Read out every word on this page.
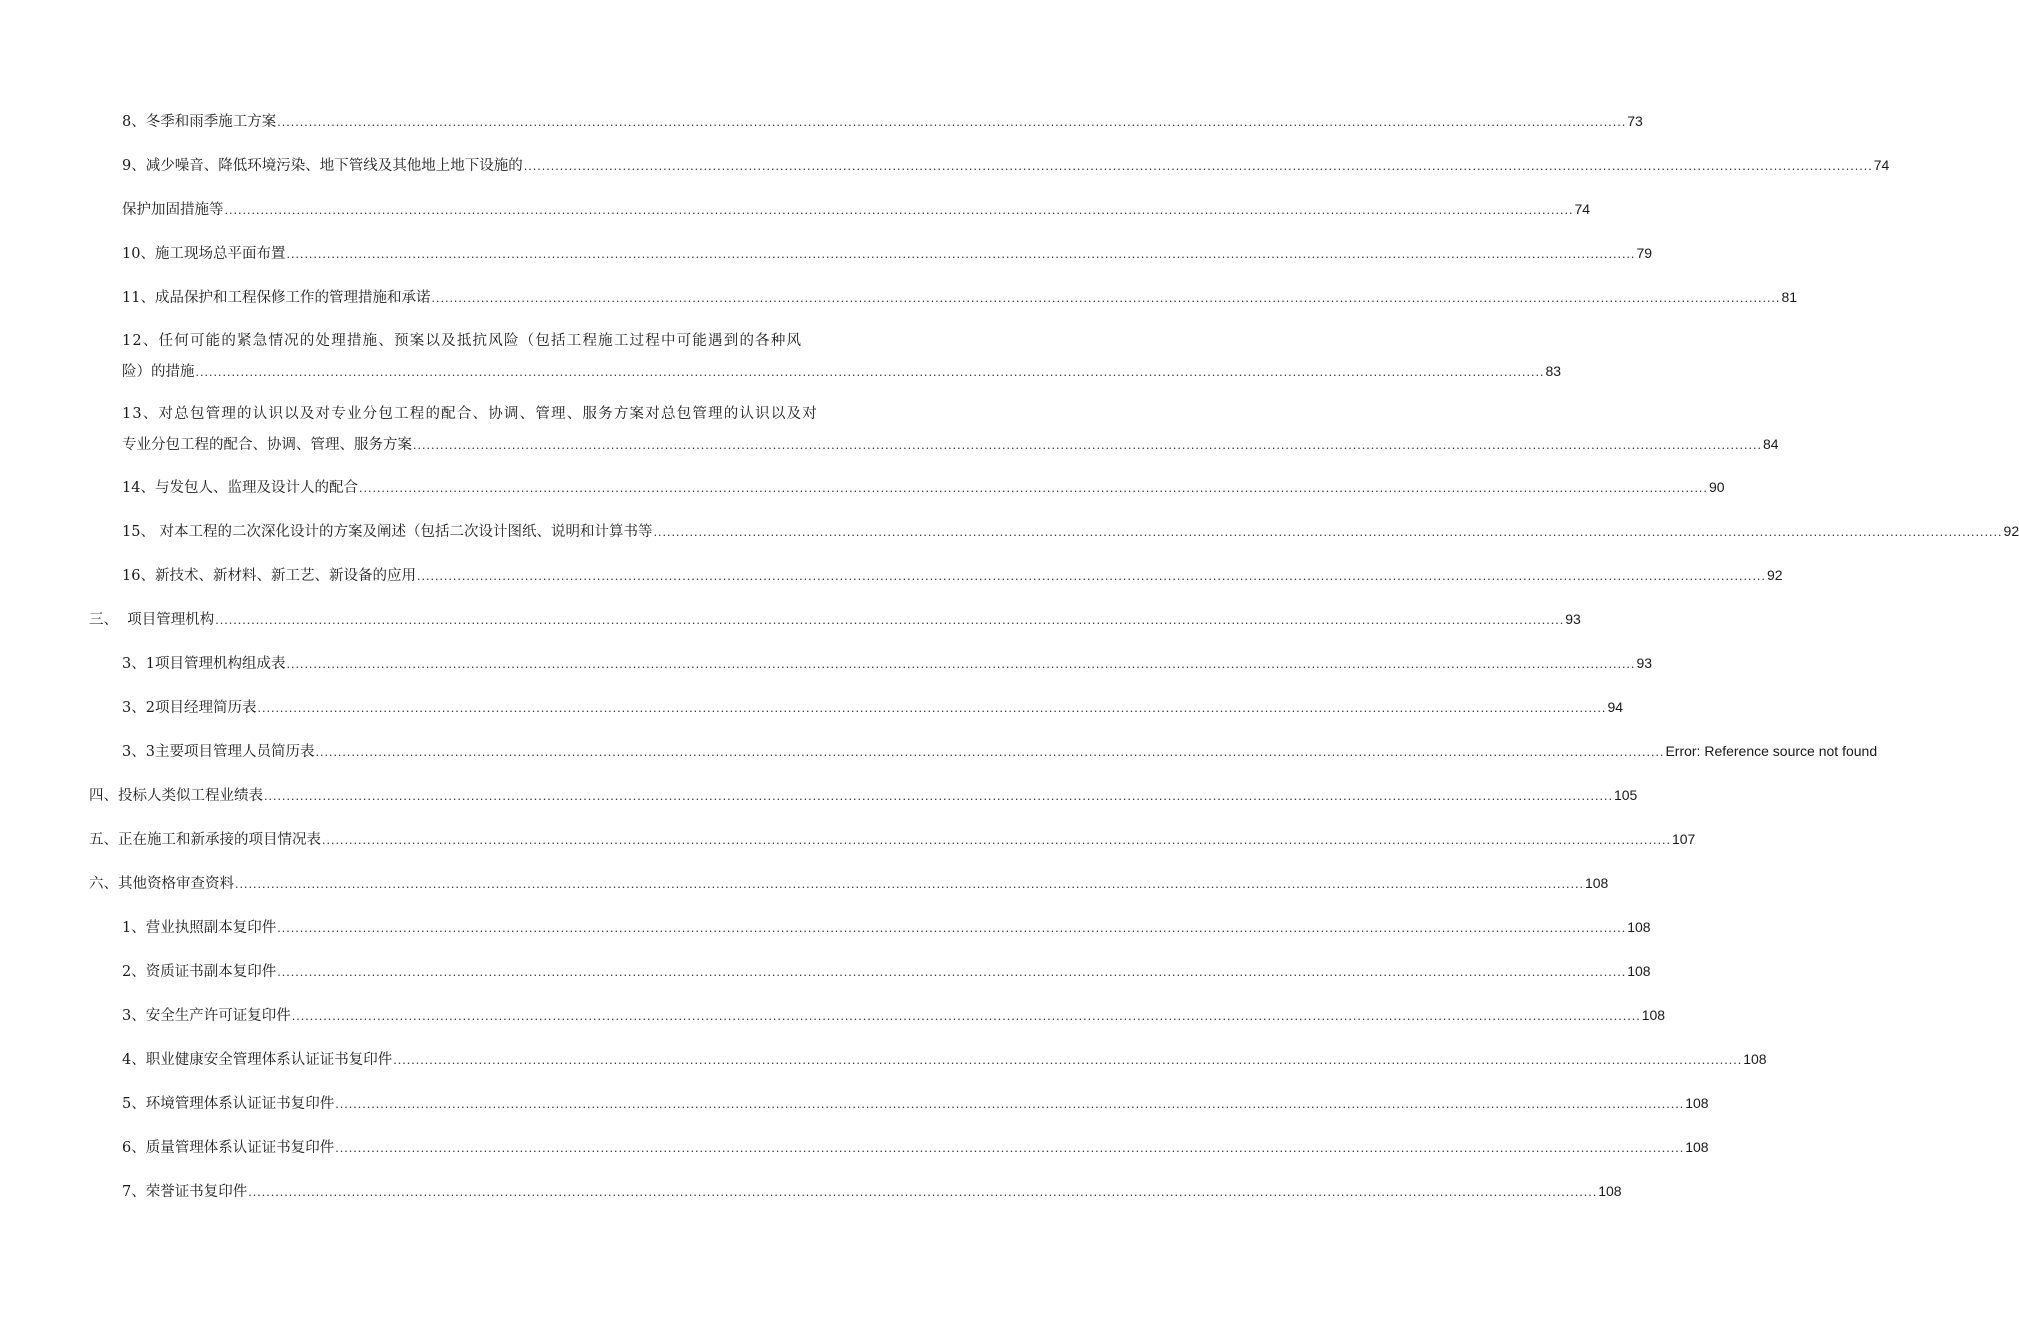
8、冬季和雨季施工方案 ............................................................................................................................................................................................................................................................................................................ 73
9、减少噪音、降低环境污染、地下管线及其他地上地下设施的 ............................................................................................................................................................................................................................................................................................................ 74
保护加固措施等 ............................................................................................................................................................................................................................................................................................................ 74
10、施工现场总平面布置 ............................................................................................................................................................................................................................................................................................................ 79
11、成品保护和工程保修工作的管理措施和承诺 ............................................................................................................................................................................................................................................................................................................ 81
12、任何可能的紧急情况的处理措施、预案以及抵抗风险（包括工程施工过程中可能遇到的各种风
险）的措施 ............................................................................................................................................................................................................................................................................................................ 83
13、对总包管理的认识以及对专业分包工程的配合、协调、管理、服务方案对总包管理的认识以及对
专业分包工程的配合、协调、管理、服务方案 ............................................................................................................................................................................................................................................................................................................ 84
14、与发包人、监理及设计人的配合 ............................................................................................................................................................................................................................................................................................................ 90
15、 对本工程的二次深化设计的方案及阐述（包括二次设计图纸、说明和计算书等 ............................................................................................................................................................................................................................................................................................................ 92
16、新技术、新材料、新工艺、新设备的应用 ............................................................................................................................................................................................................................................................................................................ 92
三、  项目管理机构 ............................................................................................................................................................................................................................................................................................................ 93
3、1项目管理机构组成表 ............................................................................................................................................................................................................................................................................................................ 93
3、2项目经理简历表 ............................................................................................................................................................................................................................................................................................................ 94
3、3主要项目管理人员简历表 ............................................................................................................................................................................................................................................................................................................ Error: Reference source not found
四、投标人类似工程业绩表 ............................................................................................................................................................................................................................................................................................................ 105
五、正在施工和新承接的项目情况表 ............................................................................................................................................................................................................................................................................................................ 107
六、其他资格审查资料 ............................................................................................................................................................................................................................................................................................................ 108
1、营业执照副本复印件 ............................................................................................................................................................................................................................................................................................................ 108
2、资质证书副本复印件 ............................................................................................................................................................................................................................................................................................................ 108
3、安全生产许可证复印件 ............................................................................................................................................................................................................................................................................................................ 108
4、职业健康安全管理体系认证证书复印件 ............................................................................................................................................................................................................................................................................................................ 108
5、环境管理体系认证证书复印件 ............................................................................................................................................................................................................................................................................................................ 108
6、质量管理体系认证证书复印件 ............................................................................................................................................................................................................................................................................................................ 108
7、荣誉证书复印件 ............................................................................................................................................................................................................................................................................................................ 108
